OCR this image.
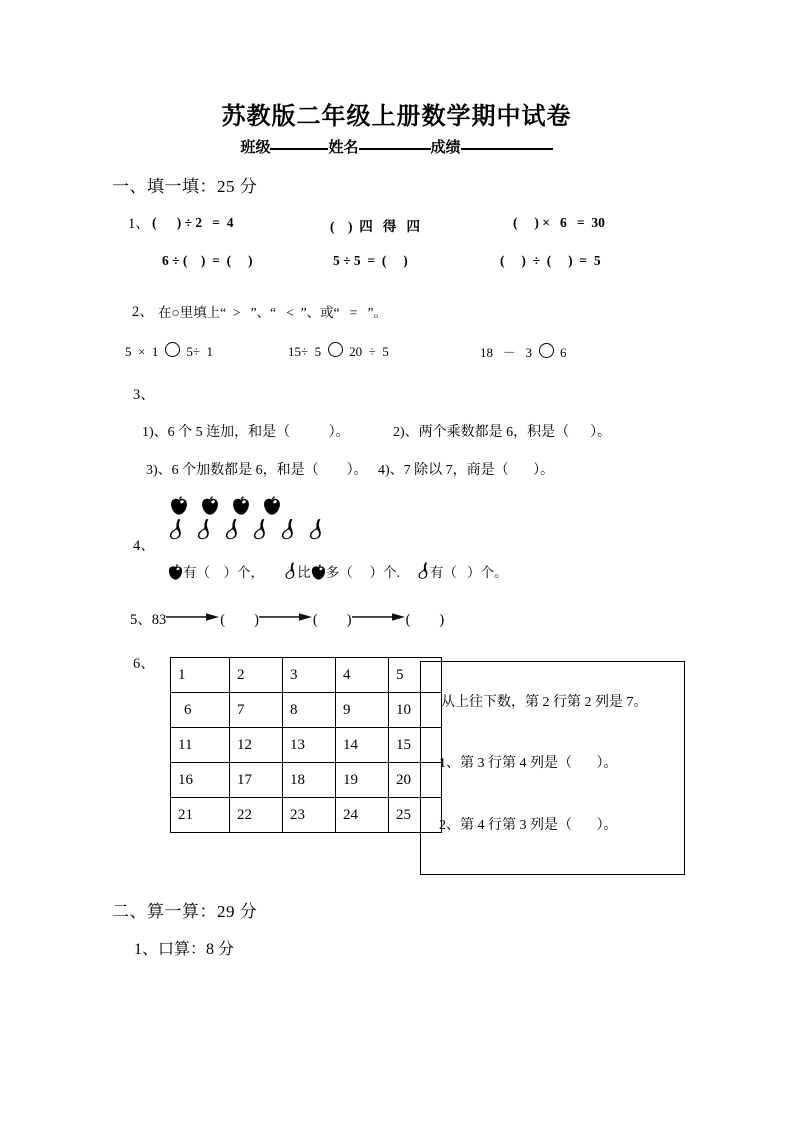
苏教版二年级上册数学期中试卷
班级	姓名	成绩
一、填一填：25 分
1、 (      ) ÷ 2   =  4	(    )  四   得   四	(     ) ×   6   =  30
6 ÷ (    )  =  (     )	5 ÷ 5  =  (     )	(     )  ÷  (     )  =  5
2、 在○里填上“  >   ”、“   <  ”、或“   =   ”。
5  ×  1 5÷  1	15÷  5 20  ÷  5	18   －   3 6
3、
1)、6 个 5 连加，和是（           ）。	2)、两个乘数都是 6，积是（      ）。
3)、6 个加数都是 6，和是（        ）。 4)、7 除以 7，商是（       ）。
4、
有（    ）个， 比 多（     ）个. 有（   ）个。
5、83	(        )	(        )	(        )
6、
1	2	3	4	5
6	7	8	9	10
11	12	13	14	15
16	17	18	19	20
21	22	23	24	25
从上往下数，第 2 行第 2 列是 7。
1、第 3 行第 4 列是（       ）。
2、第 4 行第 3 列是（       ）。
二、算一算：29 分
1、口算：8 分
